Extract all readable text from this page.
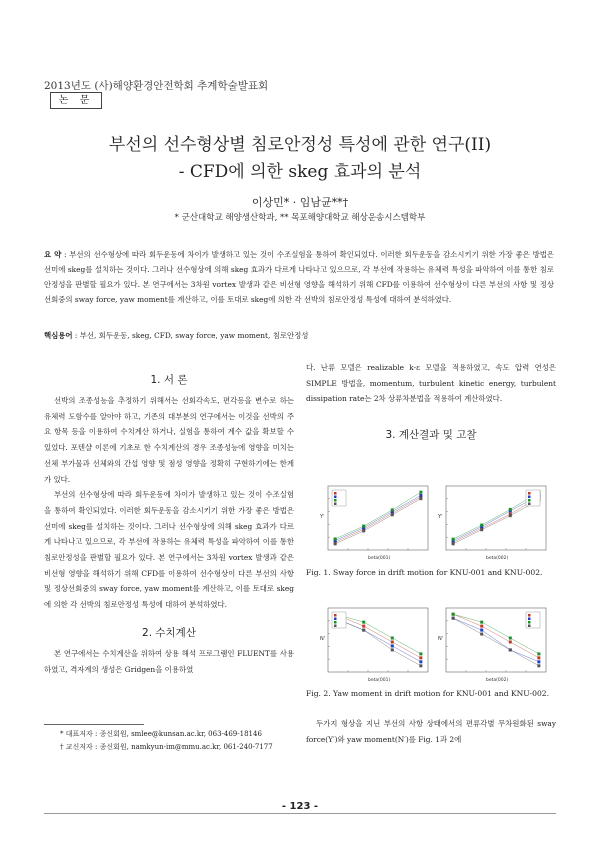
2013년도 (사)해양환경안전학회 추계학술발표회
논 문
부선의 선수형상별 침로안정성 특성에 관한 연구(II)
- CFD에 의한 skeg 효과의 분석
이상민* · 임남균**†
* 군산대학교 해양생산학과, ** 목포해양대학교 해상운송시스템학부
요 약 : 부선의 선수형상에 따라 회두운동에 차이가 발생하고 있는 것이 수조실험을 통하여 확인되었다. 이러한 회두운동을 감소시키기 위한 가장 좋은 방법은 선미에 skeg를 설치하는 것이다. 그러나 선수형상에 의해 skeg 효과가 다르게 나타나고 있으므로, 각 부선에 작용하는 유체력 특성을 파악하여 이를 통한 침로안정성을 판별할 필요가 있다. 본 연구에서는 3차원 vortex 발생과 같은 비선형 영향을 해석하기 위해 CFD를 이용하여 선수형상이 다른 부선의 사항 및 정상선회중의 sway force, yaw moment를 계산하고, 이를 토대로 skeg에 의한 각 선박의 침로안정성 특성에 대하여 분석하였다.
핵심용어 : 부선, 회두운동, skeg, CFD, sway force, yaw moment, 침로안정성
1. 서 론
선박의 조종성능을 추정하기 위해서는 선회각속도, 편각등을 변수로 하는 유체력 도함수를 알아야 하고, 기존의 대부분의 연구에서는 이것을 선박의 주요 항목 등을 이용하여 수치계산 하거나, 실험을 통하여 계수 값을 확보할 수 있었다. 포텐샬 이론에 기초로 한 수치계산의 경우 조종성능에 영향을 미치는 선체 부가물과 선체와의 간섭 영향 및 점성 영향을 정확히 구현하기에는 한계가 있다.
부선의 선수형상에 따라 회두운동에 차이가 발생하고 있는 것이 수조실험을 통하여 확인되었다. 이러한 회두운동을 감소시키기 위한 가장 좋은 방법은 선미에 skeg를 설치하는 것이다. 그러나 선수형상에 의해 skeg 효과가 다르게 나타나고 있으므로, 각 부선에 작용하는 유체력 특성을 파악하여 이를 통한 침로안정성을 판별할 필요가 있다. 본 연구에서는 3차원 vortex 발생과 같은 비선형 영향을 해석하기 위해 CFD를 이용하여 선수형상이 다른 부선의 사항 및 정상선회중의 sway force, yaw moment를 계산하고, 이를 토대로 skeg에 의한 각 선박의 침로안정성 특성에 대하여 분석하였다.
2. 수치계산
본 연구에서는 수치계산을 위하여 상용 해석 프로그램인 FLUENT를 사용하였고, 격자계의 생성은 Gridgen을 이용하였
* 대표저자 : 종신회원, smlee@kunsan.ac.kr, 063-469-18146
† 교신저자 : 종신회원, namkyun-im@mmu.ac.kr, 061-240-7177
다. 난류 모델은 realizable k-ε 모델을 적용하였고, 속도 압력 연성은 SIMPLE 방법을, momentum, turbulent kinetic energy, turbulent dissipation rate는 2차 상류차분법을 적용하여 계산하였다.
3. 계산결과 및 고찰
Y'
beta(001)
Y'
beta(002)
Fig. 1. Sway force in drift motion for KNU-001 and KNU-002.
N'
beta(001)
N'
beta(002)
Fig. 2. Yaw moment in drift motion for KNU-001 and KNU-002.
두가지 형상을 지닌 부선의 사항 상태에서의 편류각별 무차원화된 sway force(Y′)와 yaw moment(N′)를 Fig. 1과 2에
- 123 -
